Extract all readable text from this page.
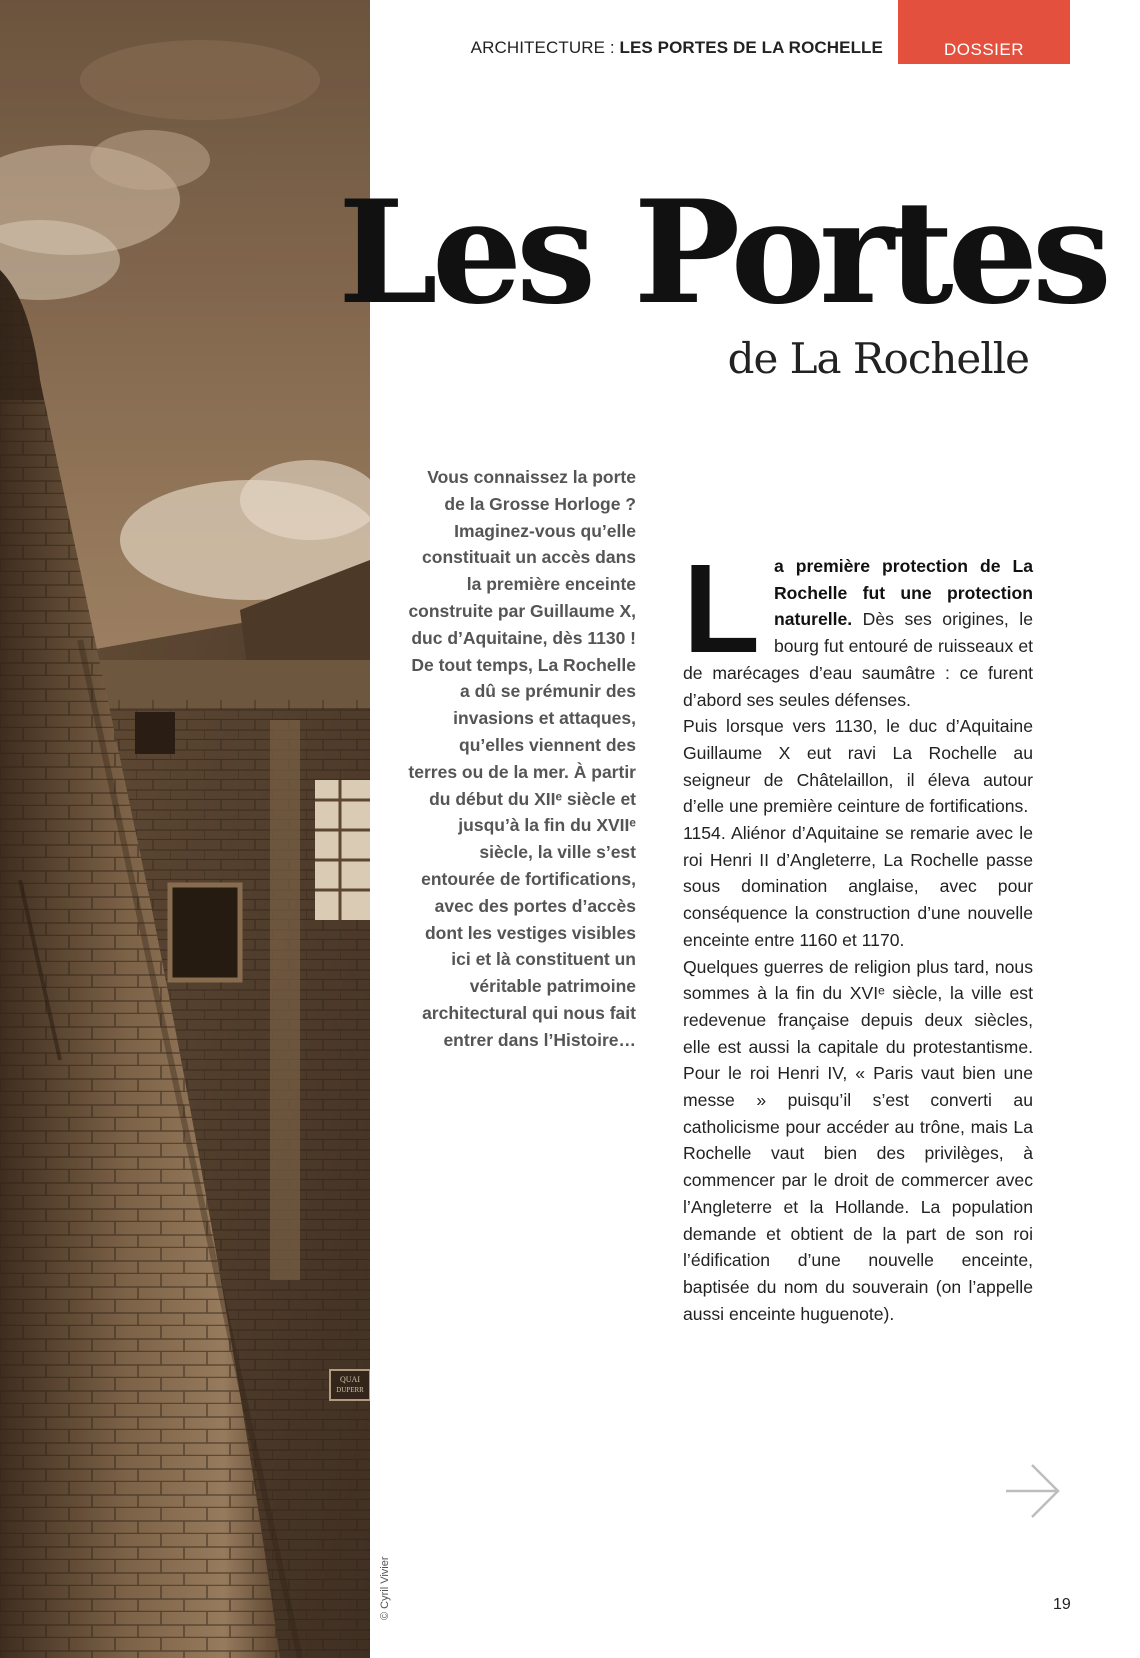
QUAI
DUPERR
© Cyril Vivier
ARCHITECTURE : LES PORTES DE LA ROCHELLE	DOSSIER
Les Portes
de La Rochelle

Vous connaissez la porte de la Grosse Horloge ? Imaginez-vous qu’elle constituait un accès dans la première enceinte construite par Guillaume X, duc d’Aquitaine, dès 1130 ! De tout temps, La Rochelle a dû se prémunir des invasions et attaques, qu’elles viennent des terres ou de la mer. À partir du début du XIIᵉ siècle et jusqu’à la fin du XVIIᵉ siècle, la ville s’est entourée de fortifications, avec des portes d’accès dont les vestiges visibles ici et là constituent un véritable patrimoine architectural qui nous fait entrer dans l’Histoire…

La première protection de La Rochelle fut une protection naturelle. Dès ses origines, le bourg fut entouré de ruisseaux et de marécages d’eau saumâtre : ce furent d’abord ses seules défenses.

Puis lorsque vers 1130, le duc d’Aquitaine Guillaume X eut ravi La Rochelle au seigneur de Châtelaillon, il éleva autour d’elle une première ceinture de fortifications.

1154. Aliénor d’Aquitaine se remarie avec le roi Henri II d’Angleterre, La Rochelle passe sous domination anglaise, avec pour conséquence la construction d’une nouvelle enceinte entre 1160 et 1170.

Quelques guerres de religion plus tard, nous sommes à la fin du XVIᵉ siècle, la ville est redevenue française depuis deux siècles, elle est aussi la capitale du protestantisme. Pour le roi Henri IV, « Paris vaut bien une messe » puisqu’il s’est converti au catholicisme pour accéder au trône, mais La Rochelle vaut bien des privilèges, à commencer par le droit de commercer avec l’Angleterre et la Hollande. La population demande et obtient de la part de son roi l’édification d’une nouvelle enceinte, baptisée du nom du souverain (on l’appelle aussi enceinte huguenote).

19
